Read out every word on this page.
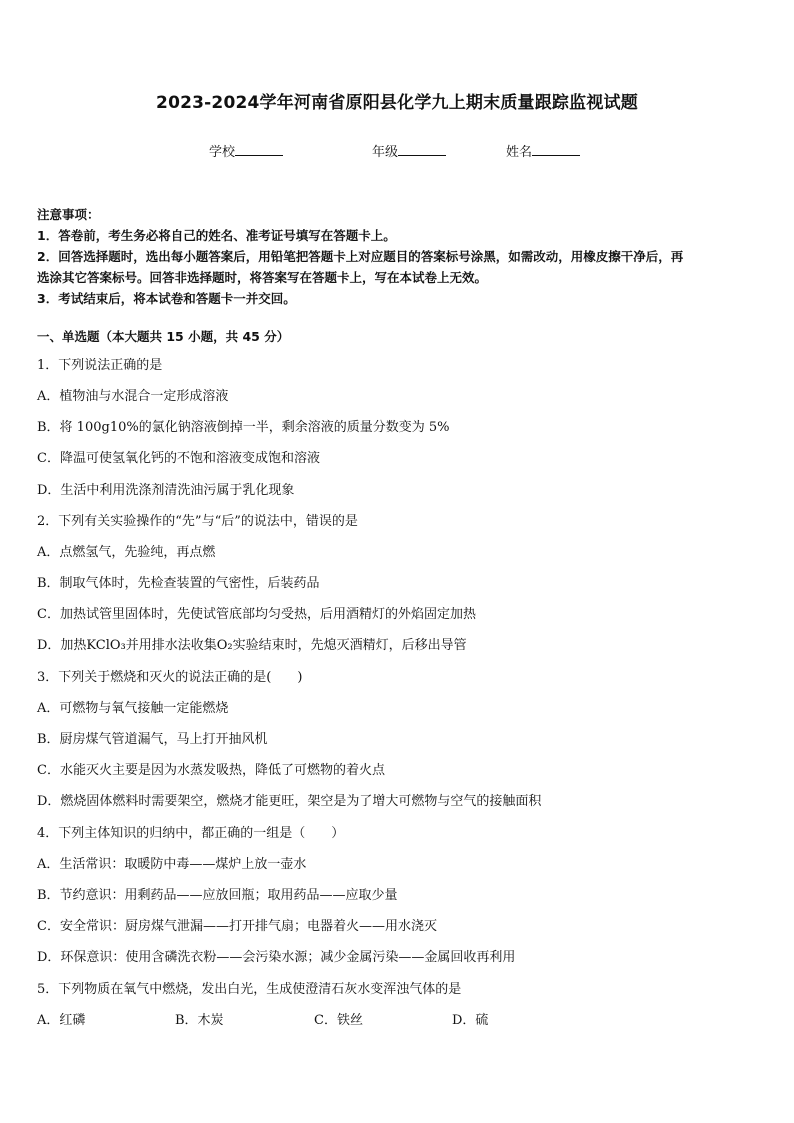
2023-2024学年河南省原阳县化学九上期末质量跟踪监视试题
学校	年级	姓名
注意事项：
1．答卷前，考生务必将自己的姓名、准考证号填写在答题卡上。
2．回答选择题时，选出每小题答案后，用铅笔把答题卡上对应题目的答案标号涂黑，如需改动，用橡皮擦干净后，再
选涂其它答案标号。回答非选择题时，将答案写在答题卡上，写在本试卷上无效。
3．考试结束后，将本试卷和答题卡一并交回。
一、单选题（本大题共 15 小题，共 45 分）
1．下列说法正确的是
A．植物油与水混合一定形成溶液
B．将 100g10%的氯化钠溶液倒掉一半，剩余溶液的质量分数变为 5%
C．降温可使氢氧化钙的不饱和溶液变成饱和溶液
D．生活中利用洗涤剂清洗油污属于乳化现象
2．下列有关实验操作的“先”与“后”的说法中，错误的是
A．点燃氢气，先验纯，再点燃
B．制取气体时，先检查装置的气密性，后装药品
C．加热试管里固体时，先使试管底部均匀受热，后用酒精灯的外焰固定加热
D．加热KClO₃并用排水法收集O₂实验结束时，先熄灭酒精灯，后移出导管
3．下列关于燃烧和灭火的说法正确的是(　　)
A．可燃物与氧气接触一定能燃烧
B．厨房煤气管道漏气，马上打开抽风机
C．水能灭火主要是因为水蒸发吸热，降低了可燃物的着火点
D．燃烧固体燃料时需要架空，燃烧才能更旺，架空是为了增大可燃物与空气的接触面积
4．下列主体知识的归纳中，都正确的一组是（　　）
A．生活常识：取暖防中毒——煤炉上放一壶水
B．节约意识：用剩药品——应放回瓶；取用药品——应取少量
C．安全常识：厨房煤气泄漏——打开排气扇；电器着火——用水浇灭
D．环保意识：使用含磷洗衣粉——会污染水源；减少金属污染——金属回收再利用
5．下列物质在氧气中燃烧，发出白光，生成使澄清石灰水变浑浊气体的是
A．红磷	B．木炭	C．铁丝	D．硫
